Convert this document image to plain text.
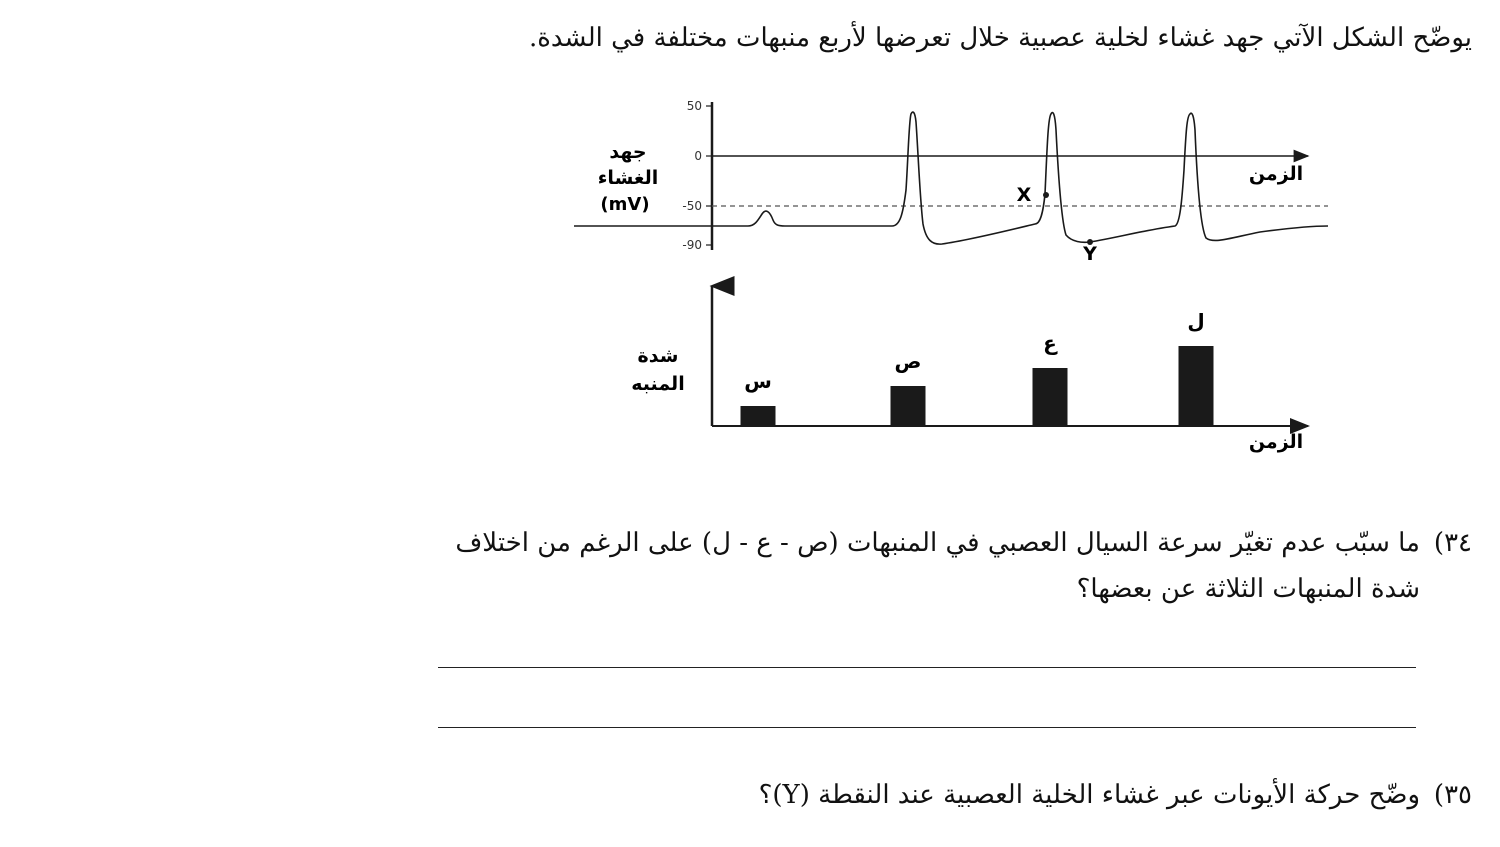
يوضّح الشكل الآتي جهد غشاء لخلية عصبية خلال تعرضها لأربع منبهات مختلفة في الشدة.
50
0
-50
-90
جهد
الغشاء
(mV)
الزمن
X
Y
شدة
المنبه
الزمن
س
ص
ع
ل
٣٤)ما سبّب عدم تغيّر سرعة السيال العصبي في المنبهات (ص - ع - ل) على الرغم من اختلاف شدة المنبهات الثلاثة عن بعضها؟
٣٥)وضّح حركة الأيونات عبر غشاء الخلية العصبية عند النقطة (Y)؟
